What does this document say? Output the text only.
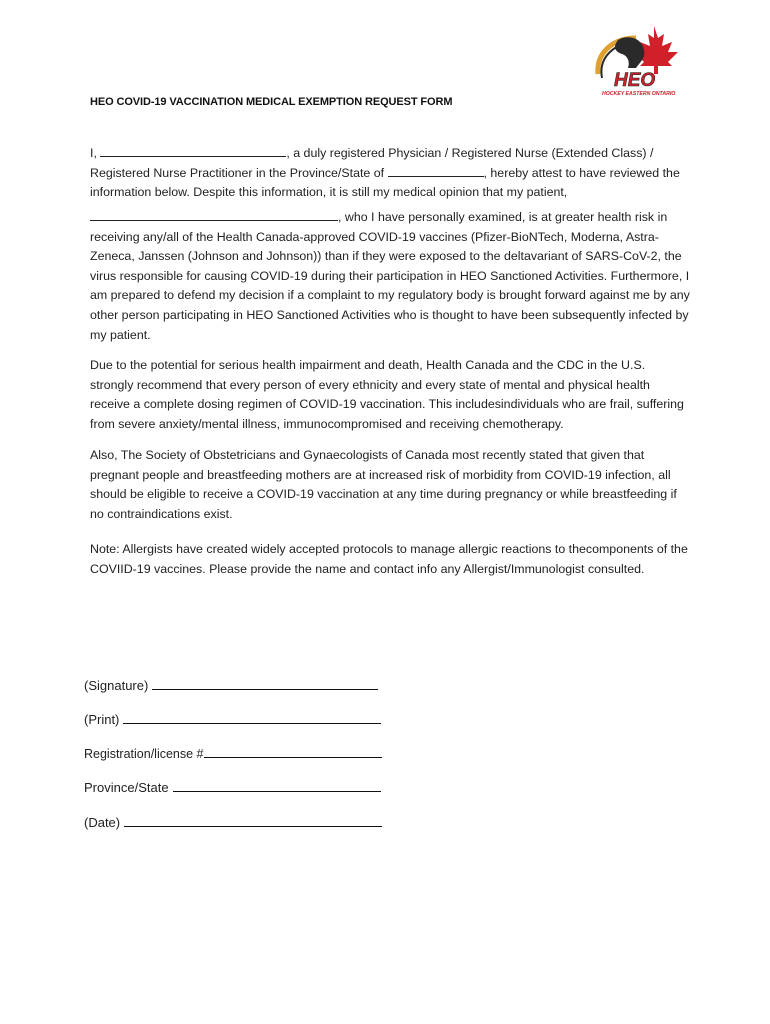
HEO
HOCKEY EASTERN ONTARIO
HEO COVID-19 VACCINATION MEDICAL EXEMPTION REQUEST FORM

I,	, a duly registered Physician / Registered Nurse (Extended Class) / Registered Nurse Practitioner in the Province/State of	, hereby attest to have reviewed the information below. Despite this information, it is still my medical opinion that my patient,

, who I have personally examined, is at greater health risk in receiving any/all of the Health Canada-approved COVID-19 vaccines (Pfizer-BioNTech, Moderna, Astra-Zeneca, Janssen (Johnson and Johnson)) than if they were exposed to the deltavariant of SARS-CoV-2, the virus responsible for causing COVID-19 during their participation in HEO Sanctioned Activities. Furthermore, I am prepared to defend my decision if a complaint to my regulatory body is brought forward against me by any other person participating in HEO Sanctioned Activities who is thought to have been subsequently infected by my patient.

Due to the potential for serious health impairment and death, Health Canada and the CDC in the U.S. strongly recommend that every person of every ethnicity and every state of mental and physical health receive a complete dosing regimen of COVID-19 vaccination. This includesindividuals who are frail, suffering from severe anxiety/mental illness, immunocompromised and receiving chemotherapy.

Also, The Society of Obstetricians and Gynaecologists of Canada most recently stated that given that pregnant people and breastfeeding mothers are at increased risk of morbidity from COVID-19 infection, all should be eligible to receive a COVID-19 vaccination at any time during pregnancy or while breastfeeding if no contraindications exist.

Note: Allergists have created widely accepted protocols to manage allergic reactions to thecomponents of the COVIID-19 vaccines. Please provide the name and contact info any Allergist/Immunologist consulted.

(Signature)
(Print)
Registration/license #
Province/State
(Date)
